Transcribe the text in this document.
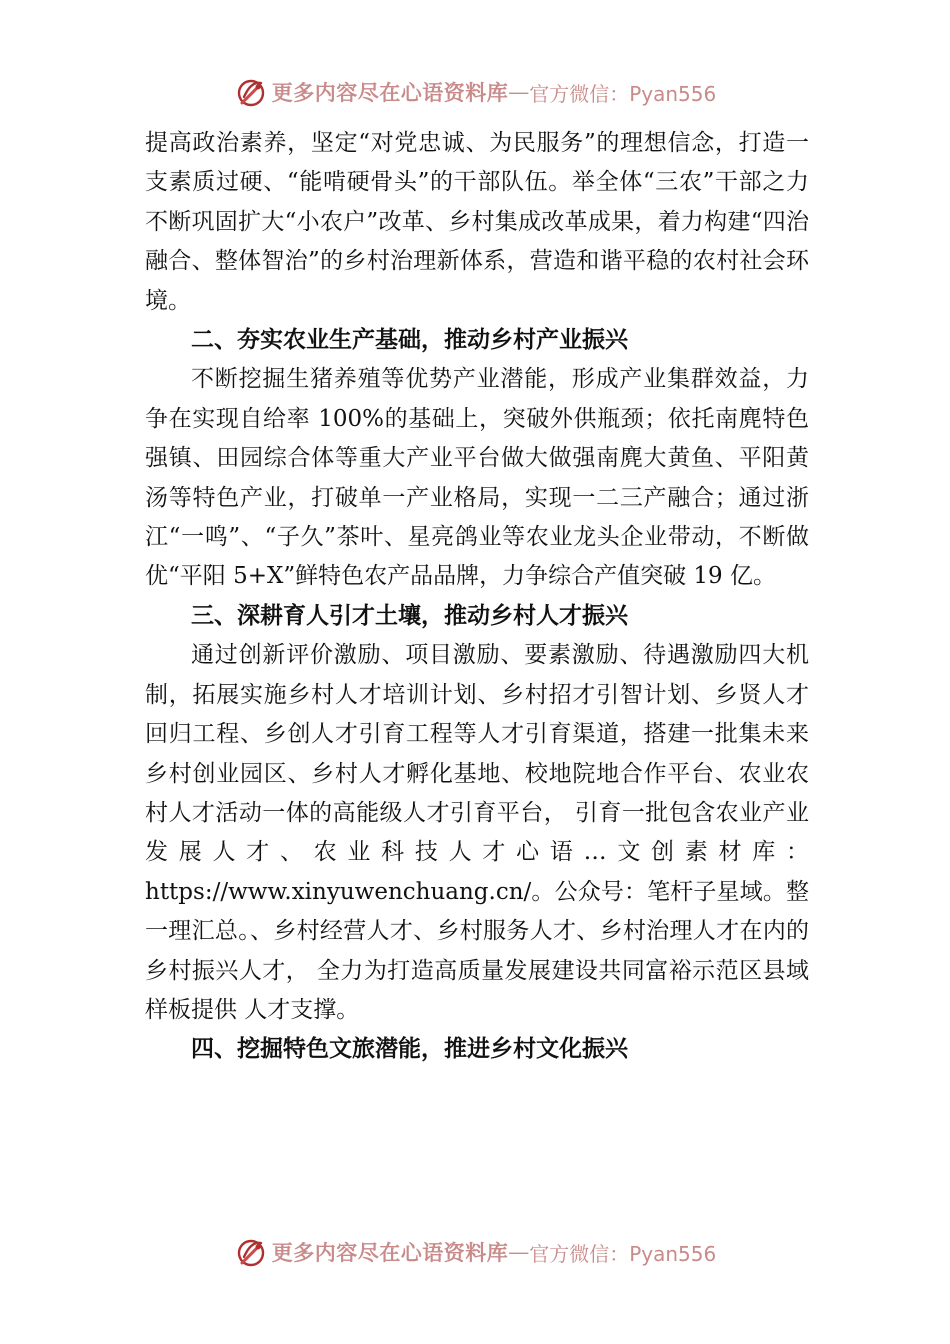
更多内容尽在心语资料库 — 官方微信：Pyan556

提高政治素养，坚定“对党忠诚、为民服务”的理想信念，打造一支素质过硬、“能啃硬骨头”的干部队伍。举全体“三农”干部之力不断巩固扩大“小农户”改革、乡村集成改革成果，着力构建“四治融合、整体智治”的乡村治理新体系，营造和谐平稳的农村社会环境。

二、夯实农业生产基础，推动乡村产业振兴

不断挖掘生猪养殖等优势产业潜能，形成产业集群效益，力争在实现自给率 100%的基础上，突破外供瓶颈；依托南麂特色强镇、田园综合体等重大产业平台做大做强南麂大黄鱼、平阳黄汤等特色产业，打破单一产业格局，实现一二三产融合；通过浙江“一鸣”、“子久”茶叶、星亮鸽业等农业龙头企业带动，不断做优“平阳 5+X”鲜特色农产品品牌，力争综合产值突破 19 亿。

三、深耕育人引才土壤，推动乡村人才振兴

通过创新评价激励、项目激励、要素激励、待遇激励四大机制，拓展实施乡村人才培训计划、乡村招才引智计划、乡贤人才回归工程、乡创人才引育工程等人才引育渠道，搭建一批集未来乡村创业园区、乡村人才孵化基地、校地院地合作平台、农业农村人才活动一体的高能级人才引育平台， 引育一批包含农业产业发展人才、农业科技人才心语…文创素材库：https://www.xinyuwenchuang.cn/。公众号：笔杆子星域。整一理汇总。、乡村经营人才、乡村服务人才、乡村治理人才在内的乡村振兴人才， 全力为打造高质量发展建设共同富裕示范区县域样板提供 人才支撑。

四、挖掘特色文旅潜能，推进乡村文化振兴
更多内容尽在心语资料库 — 官方微信：Pyan556
